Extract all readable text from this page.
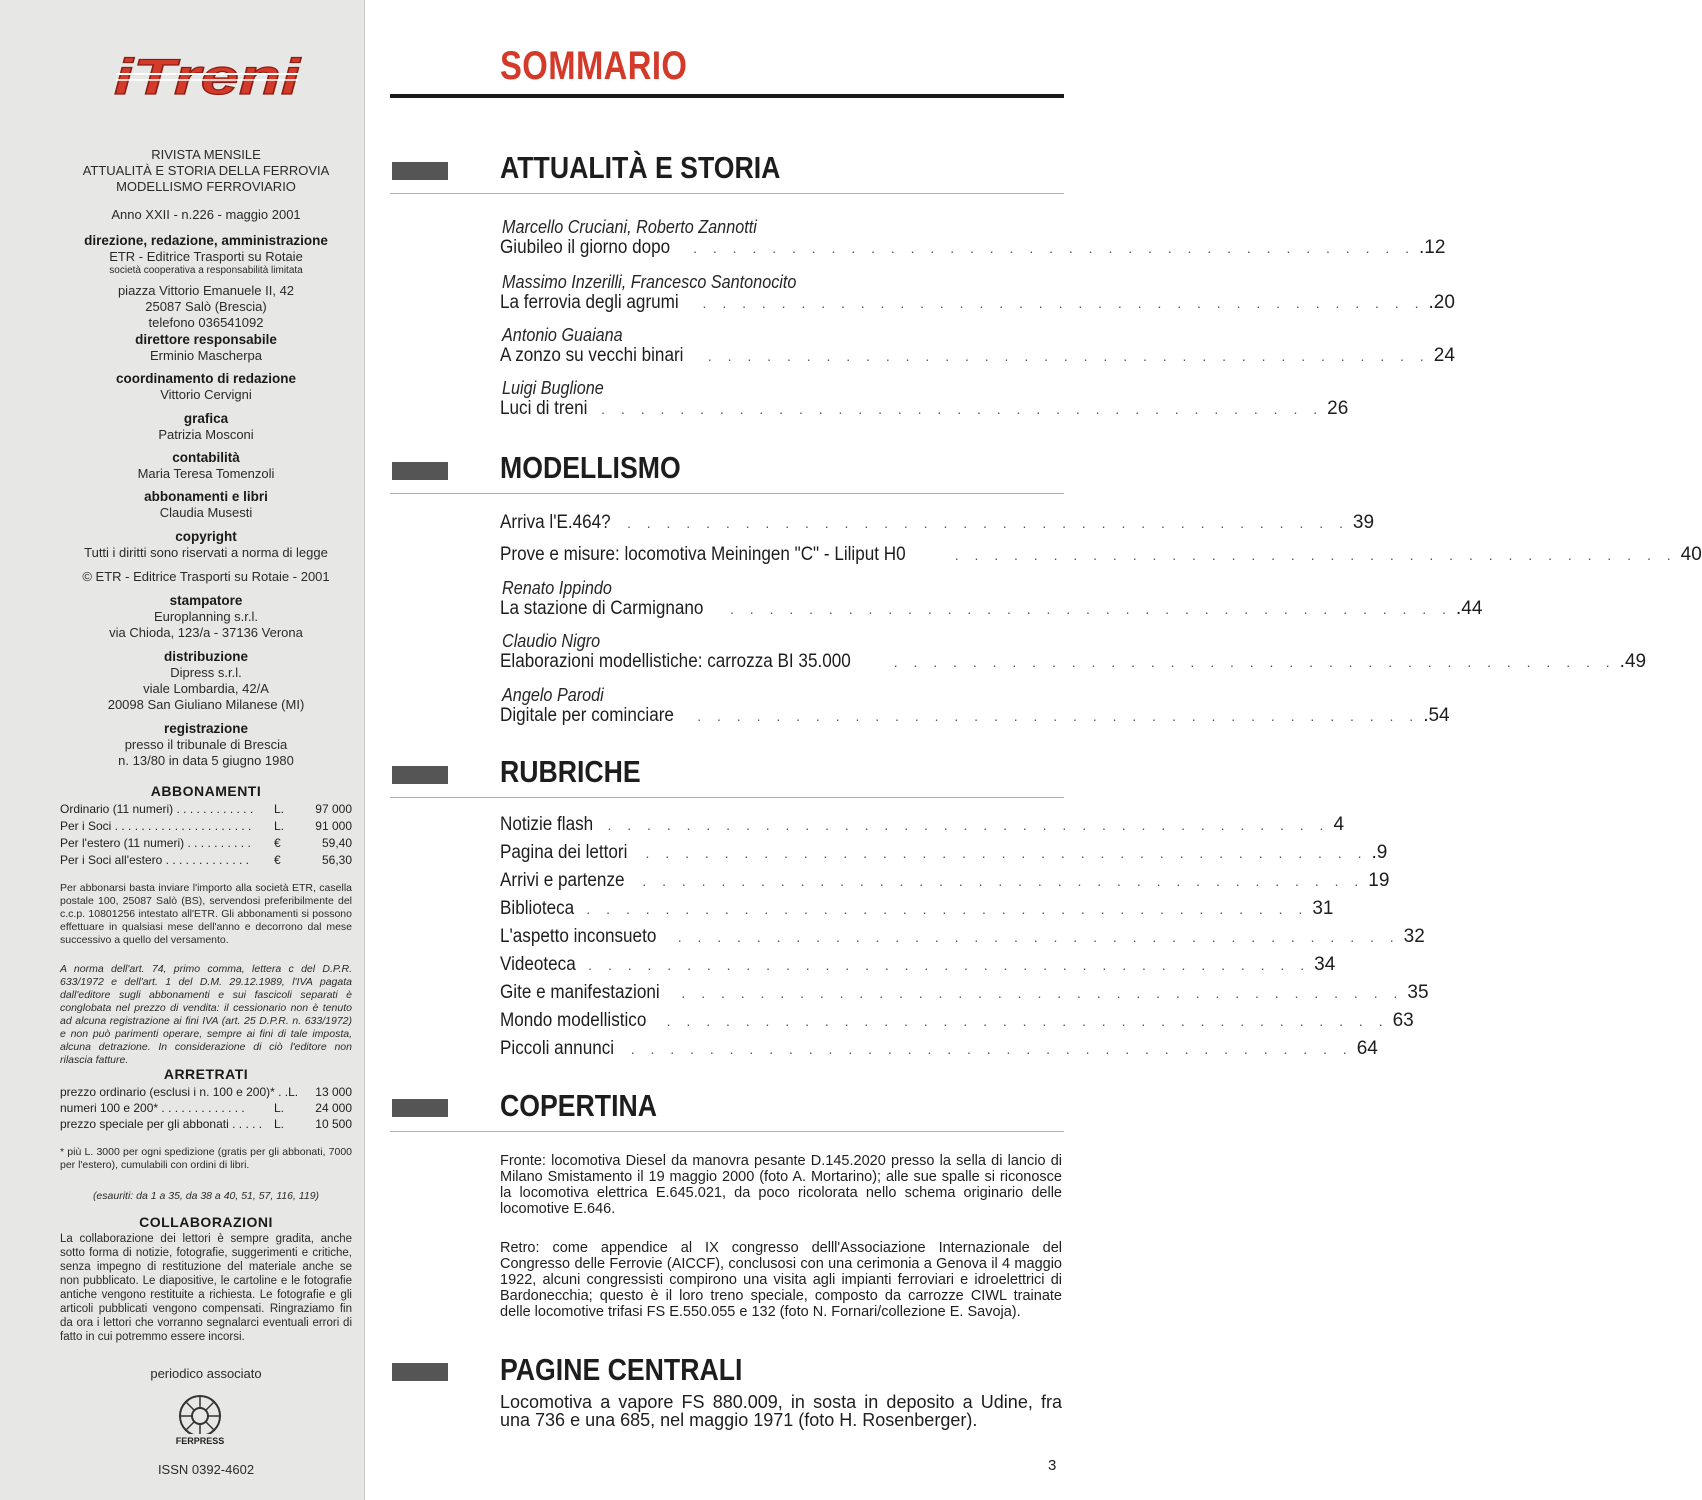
iTreni
RIVISTA MENSILE
ATTUALITÀ E STORIA DELLA FERROVIA
MODELLISMO FERROVIARIO
Anno XXII - n.226 - maggio 2001
direzione, redazione, amministrazione
ETR - Editrice Trasporti su Rotaie
società cooperativa a responsabilità limitata
piazza Vittorio Emanuele II, 42
25087 Salò (Brescia)
telefono 036541092
direttore responsabile
Erminio Mascherpa
coordinamento di redazione
Vittorio Cervigni
grafica
Patrizia Mosconi
contabilità
Maria Teresa Tomenzoli
abbonamenti e libri
Claudia Musesti
copyright
Tutti i diritti sono riservati a norma di legge
© ETR - Editrice Trasporti su Rotaie - 2001
stampatore
Europlanning s.r.l.
via Chioda, 123/a - 37136 Verona
distribuzione
Dipress s.r.l.
viale Lombardia, 42/A
20098 San Giuliano Milanese (MI)
registrazione
presso il tribunale di Brescia
n. 13/80 in data 5 giugno 1980
ABBONAMENTI
Ordinario (11 numeri) . . . . . . . . . . . .	L.	97 000
Per i Soci . . . . . . . . . . . . . . . . . . . . .	L.	91 000
Per l'estero (11 numeri) . . . . . . . . . .	€	59,40
Per i Soci all'estero . . . . . . . . . . . . .	€	56,30
Per abbonarsi basta inviare l'importo alla società ETR, casella postale 100, 25087 Salò (BS), servendosi preferibilmente del c.c.p. 10801256 intestato all'ETR. Gli abbonamenti si possono effettuare in qualsiasi mese dell'anno e decorrono dal mese successivo a quello del versamento.
A norma dell'art. 74, primo comma, lettera c del D.P.R. 633/1972 e dell'art. 1 del D.M. 29.12.1989, l'IVA pagata dall'editore sugli abbonamenti e sui fascicoli separati è conglobata nel prezzo di vendita: il cessionario non è tenuto ad alcuna registrazione ai fini IVA (art. 25 D.P.R. n. 633/1972) e non può parimenti operare, sempre ai fini di tale imposta, alcuna detrazione. In considerazione di ciò l'editore non rilascia fatture.
ARRETRATI
prezzo ordinario (esclusi i n. 100 e 200)* . . L.	13 000
numeri 100 e 200* . . . . . . . . . . . . .	L.	24 000
prezzo speciale per gli abbonati . . . . . L.	10 500
* più L. 3000 per ogni spedizione (gratis per gli abbonati, 7000 per l'estero), cumulabili con ordini di libri.
(esauriti: da 1 a 35, da 38 a 40, 51, 57, 116, 119)
COLLABORAZIONI
La collaborazione dei lettori è sempre gradita, anche sotto forma di notizie, fotografie, suggerimenti e critiche, senza impegno di restituzione del materiale anche se non pubblicato. Le diapositive, le cartoline e le fotografie antiche vengono restituite a richiesta. Le fotografie e gli articoli pubblicati vengono compensati. Ringraziamo fin da ora i lettori che vorranno segnalarci eventuali errori di fatto in cui potremmo essere incorsi.
periodico associato
FERPRESS
ISSN 0392-4602
SOMMARIO
ATTUALITÀ E STORIA
Marcello Cruciani, Roberto Zannotti
Giubileo il giorno dopo . . . . . . . . . . . . . . . . . . . . . . . . . . . . . . . . . . . . . .12
Massimo Inzerilli, Francesco Santonocito
La ferrovia degli agrumi . . . . . . . . . . . . . . . . . . . . . . . . . . . . . . . . . . . . . .20
Antonio Guaiana
A zonzo su vecchi binari . . . . . . . . . . . . . . . . . . . . . . . . . . . . . . . . . . . . . 24
Luigi Buglione
Luci di treni . . . . . . . . . . . . . . . . . . . . . . . . . . . . . . . . . . . . . 26
MODELLISMO
Arriva l'E.464? . . . . . . . . . . . . . . . . . . . . . . . . . . . . . . . . . . . . . 39
Prove e misure: locomotiva Meiningen "C" - Liliput H0	. . . . . . . . . . . . . . . . . . . . . . . . . . . . . . . . . . . . . 40
Renato Ippindo
La stazione di Carmignano . . . . . . . . . . . . . . . . . . . . . . . . . . . . . . . . . . . . . .44
Claudio Nigro
Elaborazioni modellistiche: carrozza BI 35.000	. . . . . . . . . . . . . . . . . . . . . . . . . . . . . . . . . . . . . .49
Angelo Parodi
Digitale per cominciare . . . . . . . . . . . . . . . . . . . . . . . . . . . . . . . . . . . . . .54
RUBRICHE
Notizie flash . . . . . . . . . . . . . . . . . . . . . . . . . . . . . . . . . . . . . 4
Pagina dei lettori . . . . . . . . . . . . . . . . . . . . . . . . . . . . . . . . . . . . . .9
Arrivi e partenze . . . . . . . . . . . . . . . . . . . . . . . . . . . . . . . . . . . . . 19
Biblioteca . . . . . . . . . . . . . . . . . . . . . . . . . . . . . . . . . . . . . 31
L'aspetto inconsueto . . . . . . . . . . . . . . . . . . . . . . . . . . . . . . . . . . . . . 32
Videoteca . . . . . . . . . . . . . . . . . . . . . . . . . . . . . . . . . . . . . 34
Gite e manifestazioni . . . . . . . . . . . . . . . . . . . . . . . . . . . . . . . . . . . . . 35
Mondo modellistico . . . . . . . . . . . . . . . . . . . . . . . . . . . . . . . . . . . . . 63
Piccoli annunci . . . . . . . . . . . . . . . . . . . . . . . . . . . . . . . . . . . . . 64
COPERTINA
Fronte: locomotiva Diesel da manovra pesante D.145.2020 presso la sella di lancio di Milano Smistamento il 19 maggio 2000 (foto A. Mortarino); alle sue spalle si riconosce la locomotiva elettrica E.645.021, da poco ricolorata nello schema originario delle locomotive E.646.
Retro: come appendice al IX congresso delll'Associazione Internazionale del Congresso delle Ferrovie (AICCF), conclusosi con una cerimonia a Genova il 4 maggio 1922, alcuni congressisti compirono una visita agli impianti ferroviari e idroelettrici di Bardonecchia; questo è il loro treno speciale, composto da carrozze CIWL trainate delle locomotive trifasi FS E.550.055 e 132 (foto N. Fornari/collezione E. Savoja).
PAGINE CENTRALI
Locomotiva a vapore FS 880.009, in sosta in deposito a Udine, fra una 736 e una 685, nel maggio 1971 (foto H. Rosenberger).
3
